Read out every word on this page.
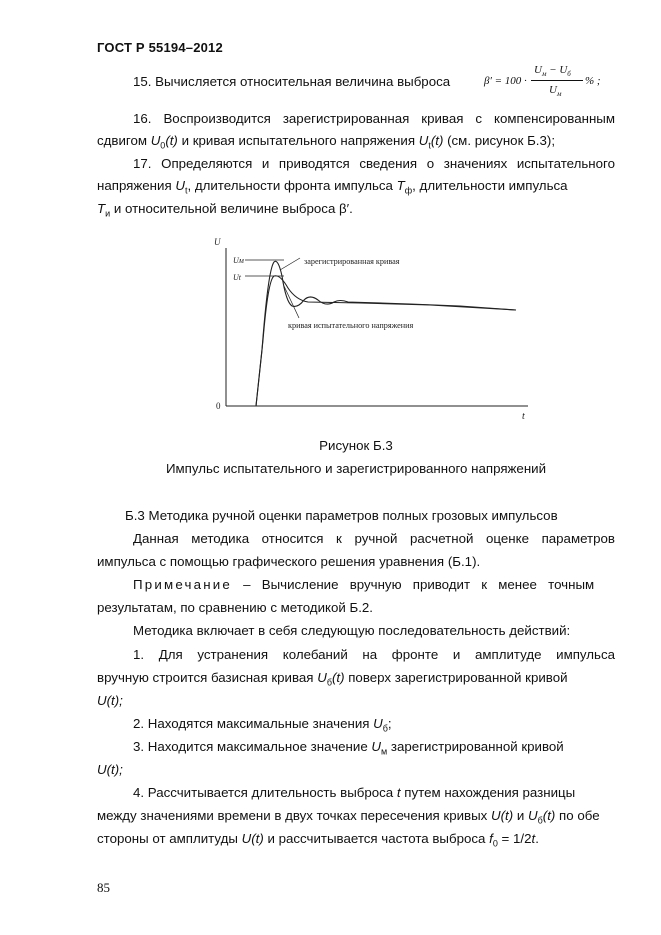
ГОСТ Р 55194–2012
15. Вычисляется относительная величина выброса	β′ = 100 ·
$U_м - U_б$
$U_м$
% ;
16. Воспроизводится зарегистрированная кривая с компенсированным
сдвигом $U_0(t)$ и кривая испытательного напряжения $U_t(t)$ (см. рисунок Б.3);
17. Определяются и приводятся сведения о значениях испытательного
напряжения $U_t$, длительности фронта импульса $T_ф$, длительности импульса
$T_и$ и относительной величине выброса β′.
U
t
0
Uм
Ut
зарегистрированная кривая
кривая испытательного напряжения
Рисунок Б.3
Импульс испытательного и зарегистрированного напряжений
Б.3 Методика ручной оценки параметров полных грозовых импульсов
Данная методика относится к ручной расчетной оценке параметров
импульса с помощью графического решения уравнения (Б.1).
Примечание – Вычисление вручную приводит к менее точным
результатам, по сравнению с методикой Б.2.
Методика включает в себя следующую последовательность действий:
1. Для устранения колебаний на фронте и амплитуде импульса
вручную строится базисная кривая $U_б(t)$ поверх зарегистрированной кривой
U(t);
2. Находятся максимальные значения $U_б$;
3. Находится максимальное значение $U_м$ зарегистрированной кривой
U(t);
4. Рассчитывается длительность выброса t путем нахождения разницы
между значениями времени в двух точках пересечения кривых U(t) и $U_б(t)$ по обе
стороны от амплитуды U(t) и рассчитывается частота выброса $f_0 = 1/2t$.
85
